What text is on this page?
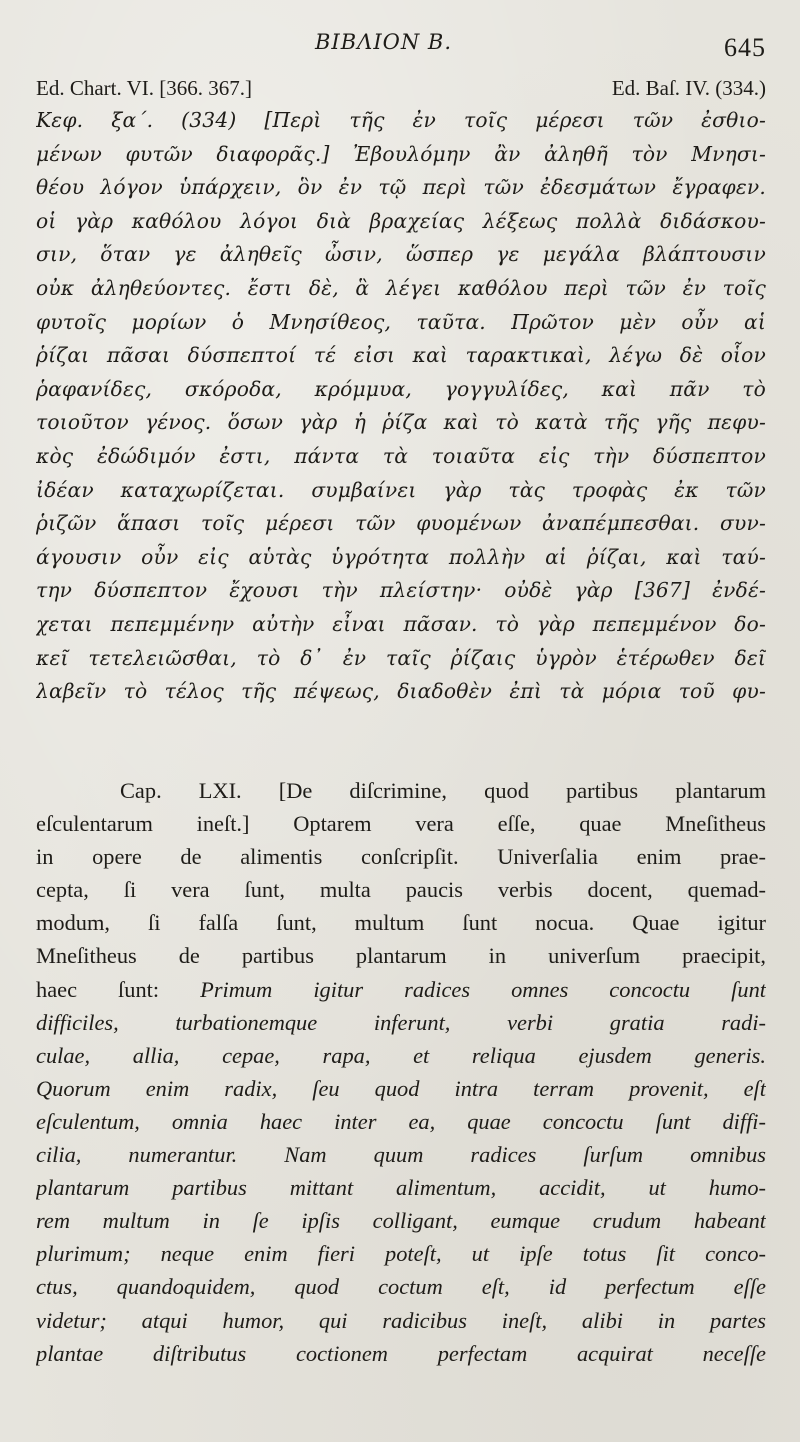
BIBΛION B.	645
Ed. Chart. VI. [366. 367.]	Ed. Baſ. IV. (334.)
Κεφ. ξα΄. (334) [Περὶ τῆς ἐν τοῖς μέρεσι τῶν ἐσθιο-
μένων φυτῶν διαφορᾶς.] Ἐβουλόμην ἂν ἀληθῆ τὸν Μνησι-
θέου λόγον ὑπάρχειν, ὃν ἐν τῷ περὶ τῶν ἐδεσμάτων ἔγραφεν.
οἱ γὰρ καθόλου λόγοι διὰ βραχείας λέξεως πολλὰ διδάσκου-
σιν, ὅταν γε ἀληθεῖς ὦσιν, ὥσπερ γε μεγάλα βλάπτουσιν
οὐκ ἀληθεύοντες. ἔστι δὲ, ἃ λέγει καθόλου περὶ τῶν ἐν τοῖς
φυτοῖς μορίων ὁ Μνησίθεος, ταῦτα. Πρῶτον μὲν οὖν αἱ
ῥίζαι πᾶσαι δύσπεπτοί τέ εἰσι καὶ ταρακτικαὶ, λέγω δὲ οἷον
ῥαφανίδες, σκόροδα, κρόμμυα, γογγυλίδες, καὶ πᾶν τὸ
τοιοῦτον γένος. ὅσων γὰρ ἡ ῥίζα καὶ τὸ κατὰ τῆς γῆς πεφυ-
κὸς ἐδώδιμόν ἐστι, πάντα τὰ τοιαῦτα εἰς τὴν δύσπεπτον
ἰδέαν καταχωρίζεται. συμβαίνει γὰρ τὰς τροφὰς ἐκ τῶν
ῥιζῶν ἅπασι τοῖς μέρεσι τῶν φυομένων ἀναπέμπεσθαι. συν-
άγουσιν οὖν εἰς αὑτὰς ὑγρότητα πολλὴν αἱ ῥίζαι, καὶ ταύ-
την δύσπεπτον ἔχουσι τὴν πλείστην· οὐδὲ γὰρ [367] ἐνδέ-
χεται πεπεμμένην αὐτὴν εἶναι πᾶσαν. τὸ γὰρ πεπεμμένον δο-
κεῖ τετελειῶσθαι, τὸ δ᾽ ἐν ταῖς ῥίζαις ὑγρὸν ἑτέρωθεν δεῖ
λαβεῖν τὸ τέλος τῆς πέψεως, διαδοθὲν ἐπὶ τὰ μόρια τοῦ φυ-
Cap. LXI. [De diſcrimine, quod partibus plantarum
eſculentarum ineſt.] Optarem vera eſſe, quae Mneſitheus
in opere de alimentis conſcripſit. Univerſalia enim prae-
cepta, ſi vera ſunt, multa paucis verbis docent, quemad-
modum, ſi falſa ſunt, multum ſunt nocua. Quae igitur
Mneſitheus de partibus plantarum in univerſum praecipit,
haec ſunt: Primum igitur radices omnes concoctu ſunt
difficiles, turbationemque inferunt, verbi gratia radi-
culae, allia, cepae, rapa, et reliqua ejusdem generis.
Quorum enim radix, ſeu quod intra terram provenit, eſt
eſculentum, omnia haec inter ea, quae concoctu ſunt diffi-
cilia, numerantur. Nam quum radices ſurſum omnibus
plantarum partibus mittant alimentum, accidit, ut humo-
rem multum in ſe ipſis colligant, eumque crudum habeant
plurimum; neque enim fieri poteſt, ut ipſe totus ſit conco-
ctus, quandoquidem, quod coctum eſt, id perfectum eſſe
videtur; atqui humor, qui radicibus ineſt, alibi in partes
plantae diſtributus coctionem perfectam acquirat neceſſe
